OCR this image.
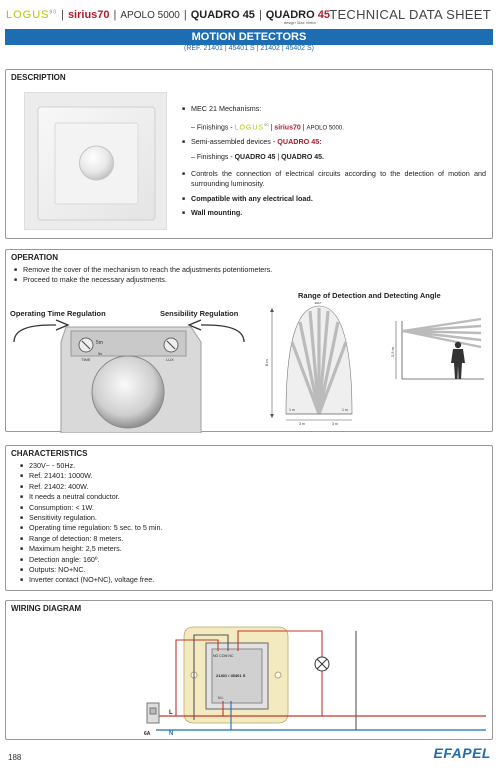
LOGUS$^{90}$ | sirius70 | APOLO 5000 | QUADRO 45 | QUADRO 45
design Siza Vieira
TECHNICAL DATA SHEET
MOTION DETECTORS
(REF. 21401 | 45401 S | 21402 | 45402 S)
DESCRIPTION
■ MEC 21 Mechanisms:
– Finishings - LOGUS$^{90}$ | sirius70 | APOLO 5000.
■ Semi-assembled devices - QUADRO 45:
– Finishings - QUADRO 45 | QUADRO 45.
■ Controls the connection of electrical circuits according to the detection of motion and surrounding luminosity.
■ Compatible with any electrical load.
■ Wall mounting.
OPERATION
■ Remove the cover of the mechanism to reach the adjustments potentiometers.
■ Proceed to make the necessary adjustments.
Operating Time Regulation	Sensibility Regulation
Range of Detection and Detecting Angle
5m
TIME
5s
LUX	8 m
160°
1 m	1 m
3 m	3 m
2,5 m
CHARACTERISTICS
■ 230V~ - 50Hz.
■ Ref. 21401: 1000W.
■ Ref. 21402: 400W.
■ It needs a neutral conductor.
■ Consumption: < 1W.
■ Sensitivity regulation.
■ Operating time regulation: 5 sec. to 5 min.
■ Range of detection: 8 meters.
■ Maximum height: 2,5 meters.
■ Detection angle: 160º.
■ Outputs: NO+NC.
■ Inverter contact (NO+NC), voltage free.
WIRING DIAGRAM
NO COM NC
21401 / 45401 S
N L
L
N
6A
188	EFAPEL
